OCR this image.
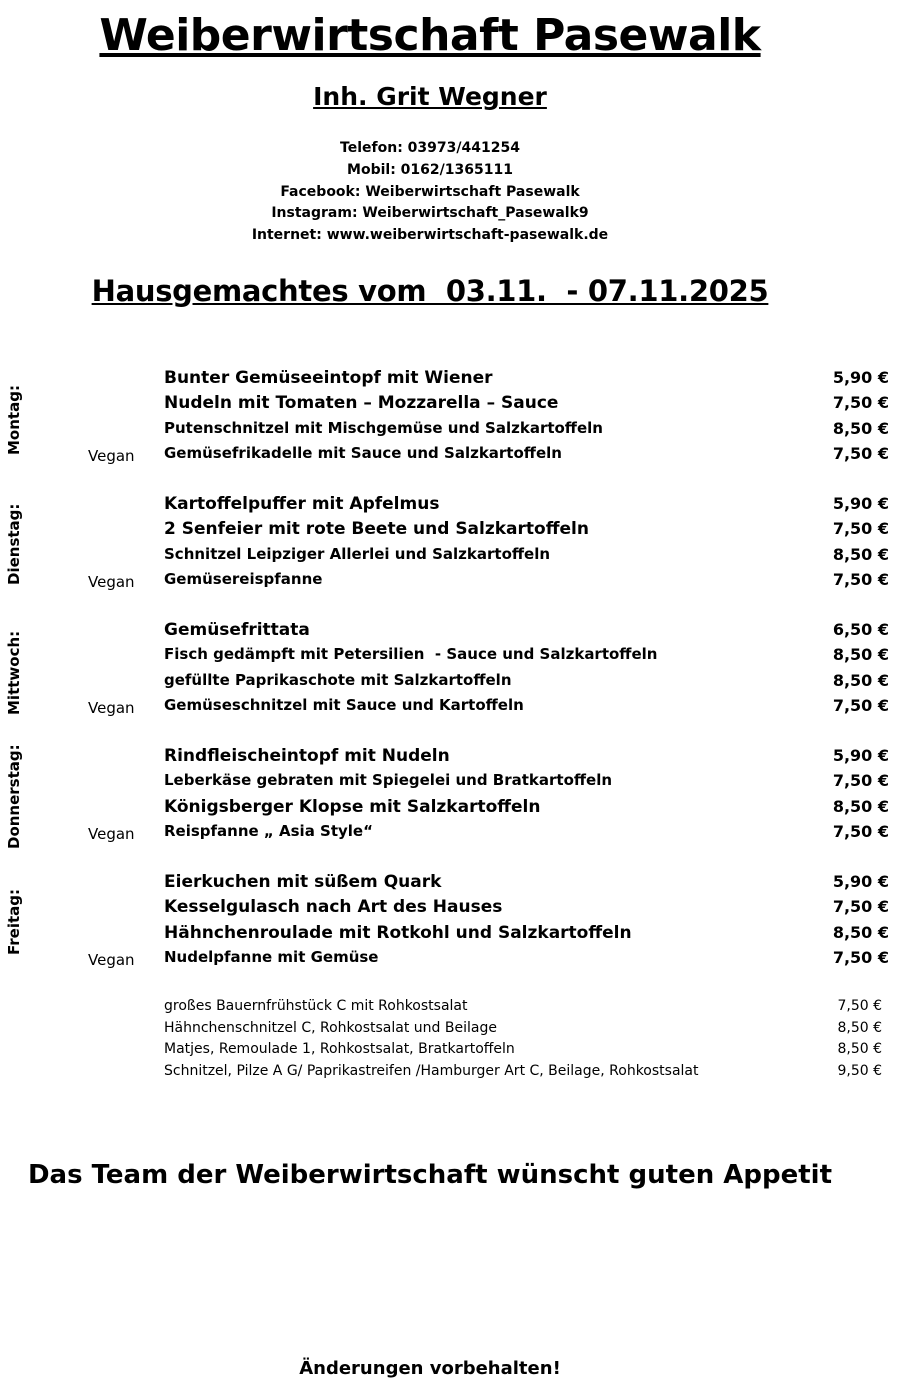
Weiberwirtschaft Pasewalk
Inh. Grit Wegner
Telefon: 03973/441254
Mobil: 0162/1365111
Facebook: Weiberwirtschaft Pasewalk
Instagram: Weiberwirtschaft_Pasewalk9
Internet: www.weiberwirtschaft-pasewalk.de
Hausgemachtes vom  03.11.  - 07.11.2025
Montag:
Bunter Gemüseeintopf mit Wiener	5,90 €
Nudeln mit Tomaten – Mozzarella – Sauce	7,50 €
Putenschnitzel mit Mischgemüse und Salzkartoffeln	8,50 €
Vegan Gemüsefrikadelle mit Sauce und Salzkartoffeln	7,50 €
Dienstag:	Kartoffelpuffer mit Apfelmus	5,90 €
2 Senfeier mit rote Beete und Salzkartoffeln	7,50 €
Schnitzel Leipziger Allerlei und Salzkartoffeln	8,50 €
Vegan Gemüsereispfanne	7,50 €
Mittwoch:
Gemüsefrittata	6,50 €
Fisch gedämpft mit Petersilien  - Sauce und Salzkartoffeln	8,50 €
gefüllte Paprikaschote mit Salzkartoffeln	8,50 €
Vegan Gemüseschnitzel mit Sauce und Kartoffeln	7,50 €
Donnerstag:	Rindfleischeintopf mit Nudeln	5,90 €
Leberkäse gebraten mit Spiegelei und Bratkartoffeln	7,50 €
Königsberger Klopse mit Salzkartoffeln	8,50 €
Vegan Reispfanne „ Asia Style“	7,50 €
Freitag:
Eierkuchen mit süßem Quark	5,90 €
Kesselgulasch nach Art des Hauses	7,50 €
Hähnchenroulade mit Rotkohl und Salzkartoffeln	8,50 €
Vegan Nudelpfanne mit Gemüse	7,50 €
großes Bauernfrühstück C mit Rohkostsalat	7,50 €
Hähnchenschnitzel C, Rohkostsalat und Beilage	8,50 €
Matjes, Remoulade 1, Rohkostsalat, Bratkartoffeln	8,50 €
Schnitzel, Pilze A G/ Paprikastreifen /Hamburger Art C, Beilage, Rohkostsalat	9,50 €
Das Team der Weiberwirtschaft wünscht guten Appetit
Änderungen vorbehalten!
